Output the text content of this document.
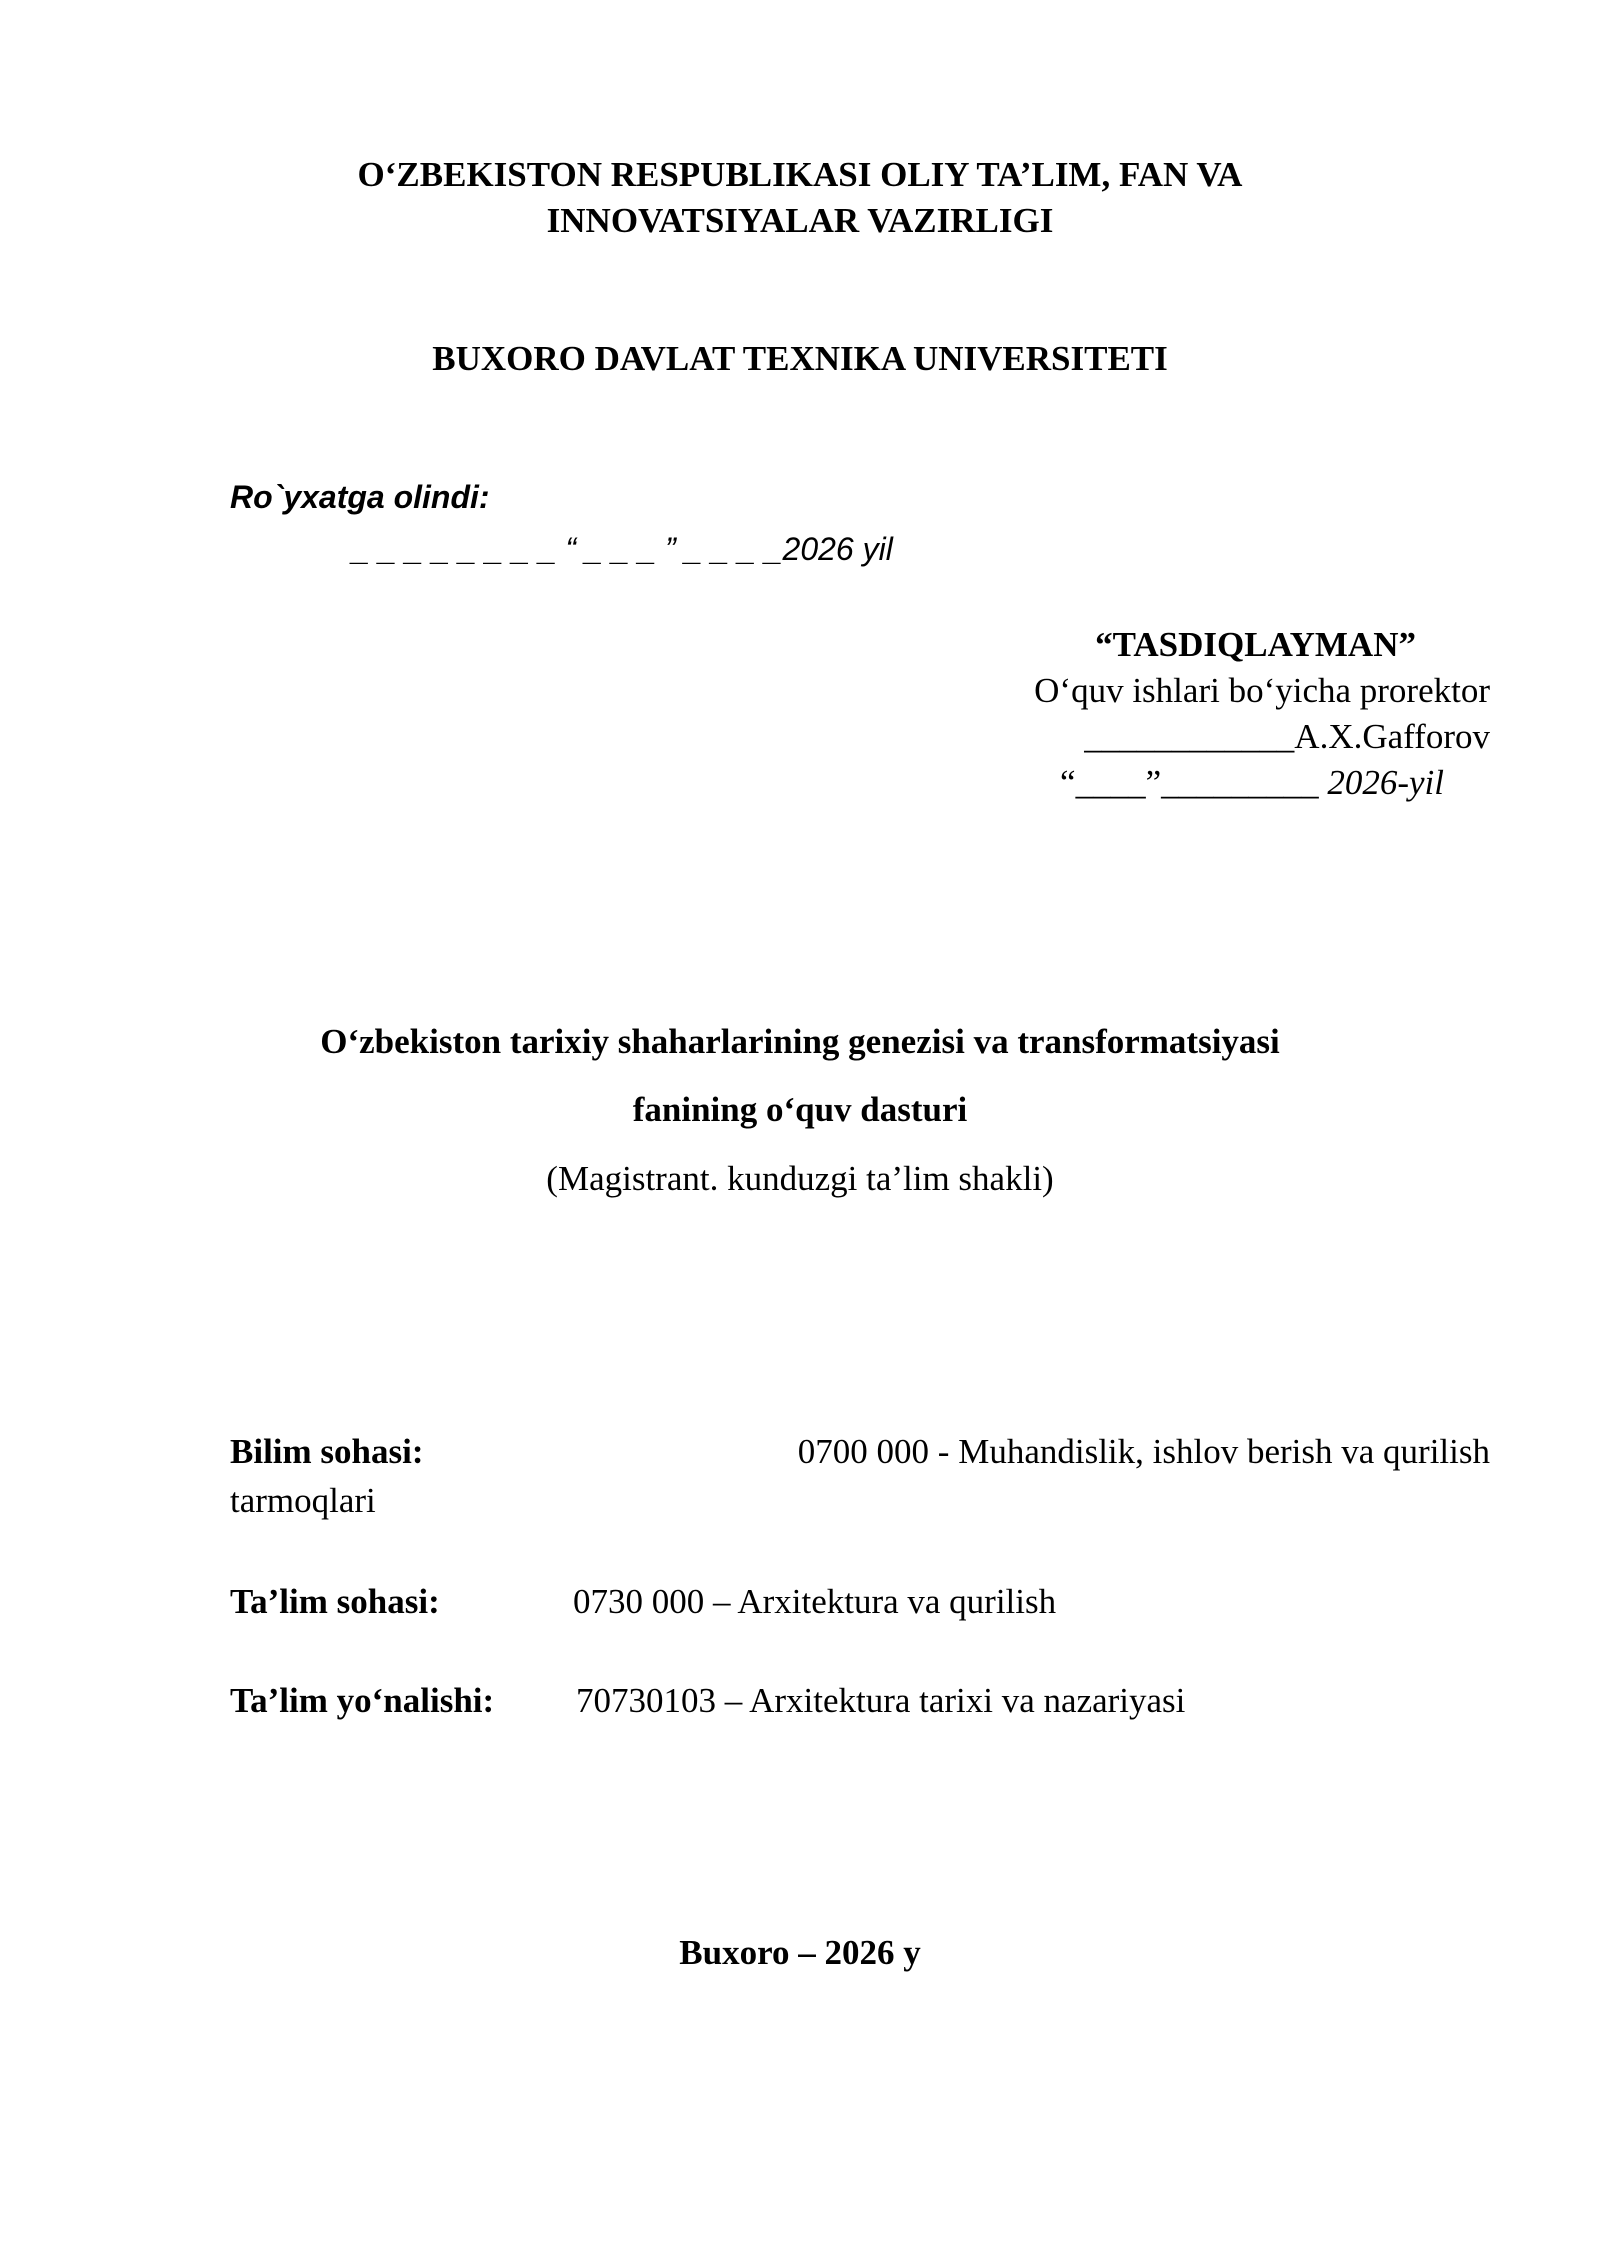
O‘ZBEKISTON RESPUBLIKASI OLIY TA’LIM, FAN VA
INNOVATSIYALAR VAZIRLIGI
BUXORO DAVLAT TEXNIKA UNIVERSITETI
Ro`yxatga olindi:
_ _ _ _ _ _ _ _ “ _ _ _ ” _ _ _ _2026 yil
“TASDIQLAYMAN”
O‘quv ishlari bo‘yicha prorektor
____________A.X.Gafforov
“____”_________ 2026-yil
O‘zbekiston tarixiy shaharlarining genezisi va transformatsiyasi
fanining o‘quv dasturi
(Magistrant. kunduzgi ta’lim shakli)
Bilim sohasi:	0700 000 - Muhandislik, ishlov berish va qurilish
tarmoqlari
Ta’lim sohasi:	0730 000 – Arxitektura va qurilish
Ta’lim yo‘nalishi: 70730103 – Arxitektura tarixi va nazariyasi
Buxoro – 2026 y
